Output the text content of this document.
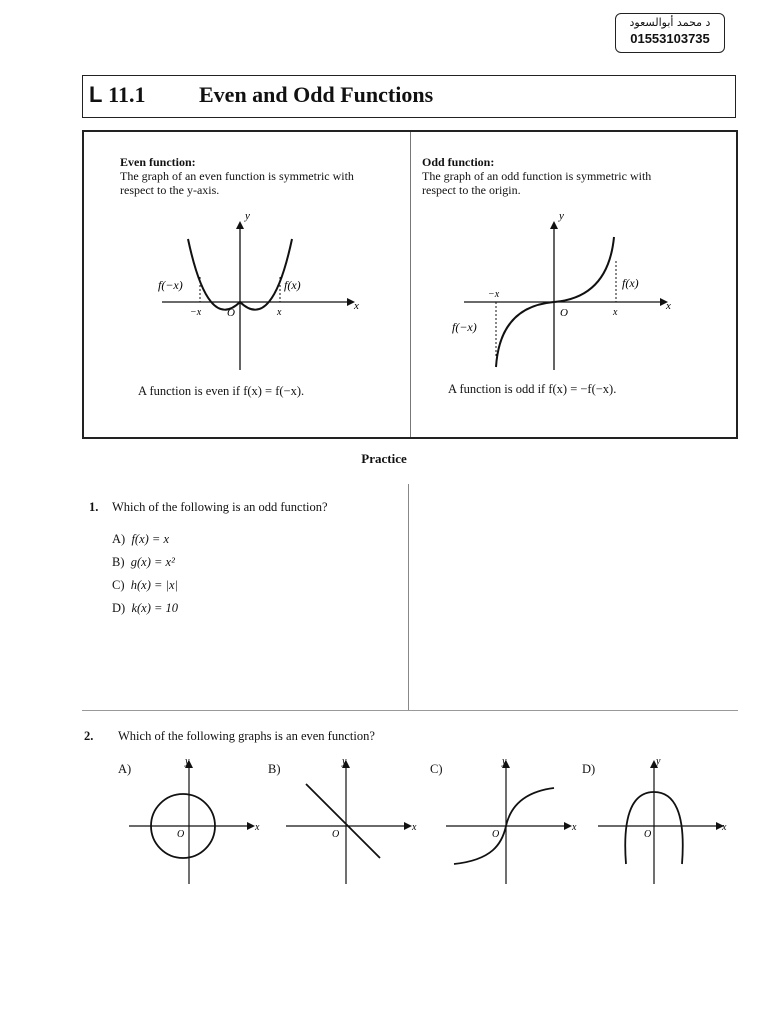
د محمد أبوالسعود
01553103735
L 11.1 Even and Odd Functions
Even function:
The graph of an even function is symmetric with
respect to the y-axis.
y
x
O
f(−x)	f(x)
−x	x
A function is even if f(x) = f(−x).
Odd function:
The graph of an odd function is symmetric with
respect to the origin.
y
x
O
f(−x)
f(x)
−x
x
A function is odd if f(x) = −f(−x).
Practice
1. Which of the following is an odd function?
A) f(x) = x
B) g(x) = x²
C) h(x) = |x|
D) k(x) = 10
2. Which of the following graphs is an even function?
A)
y
x
O
B)
y
x
O
C)
y
x
O
D)
y
x
O
